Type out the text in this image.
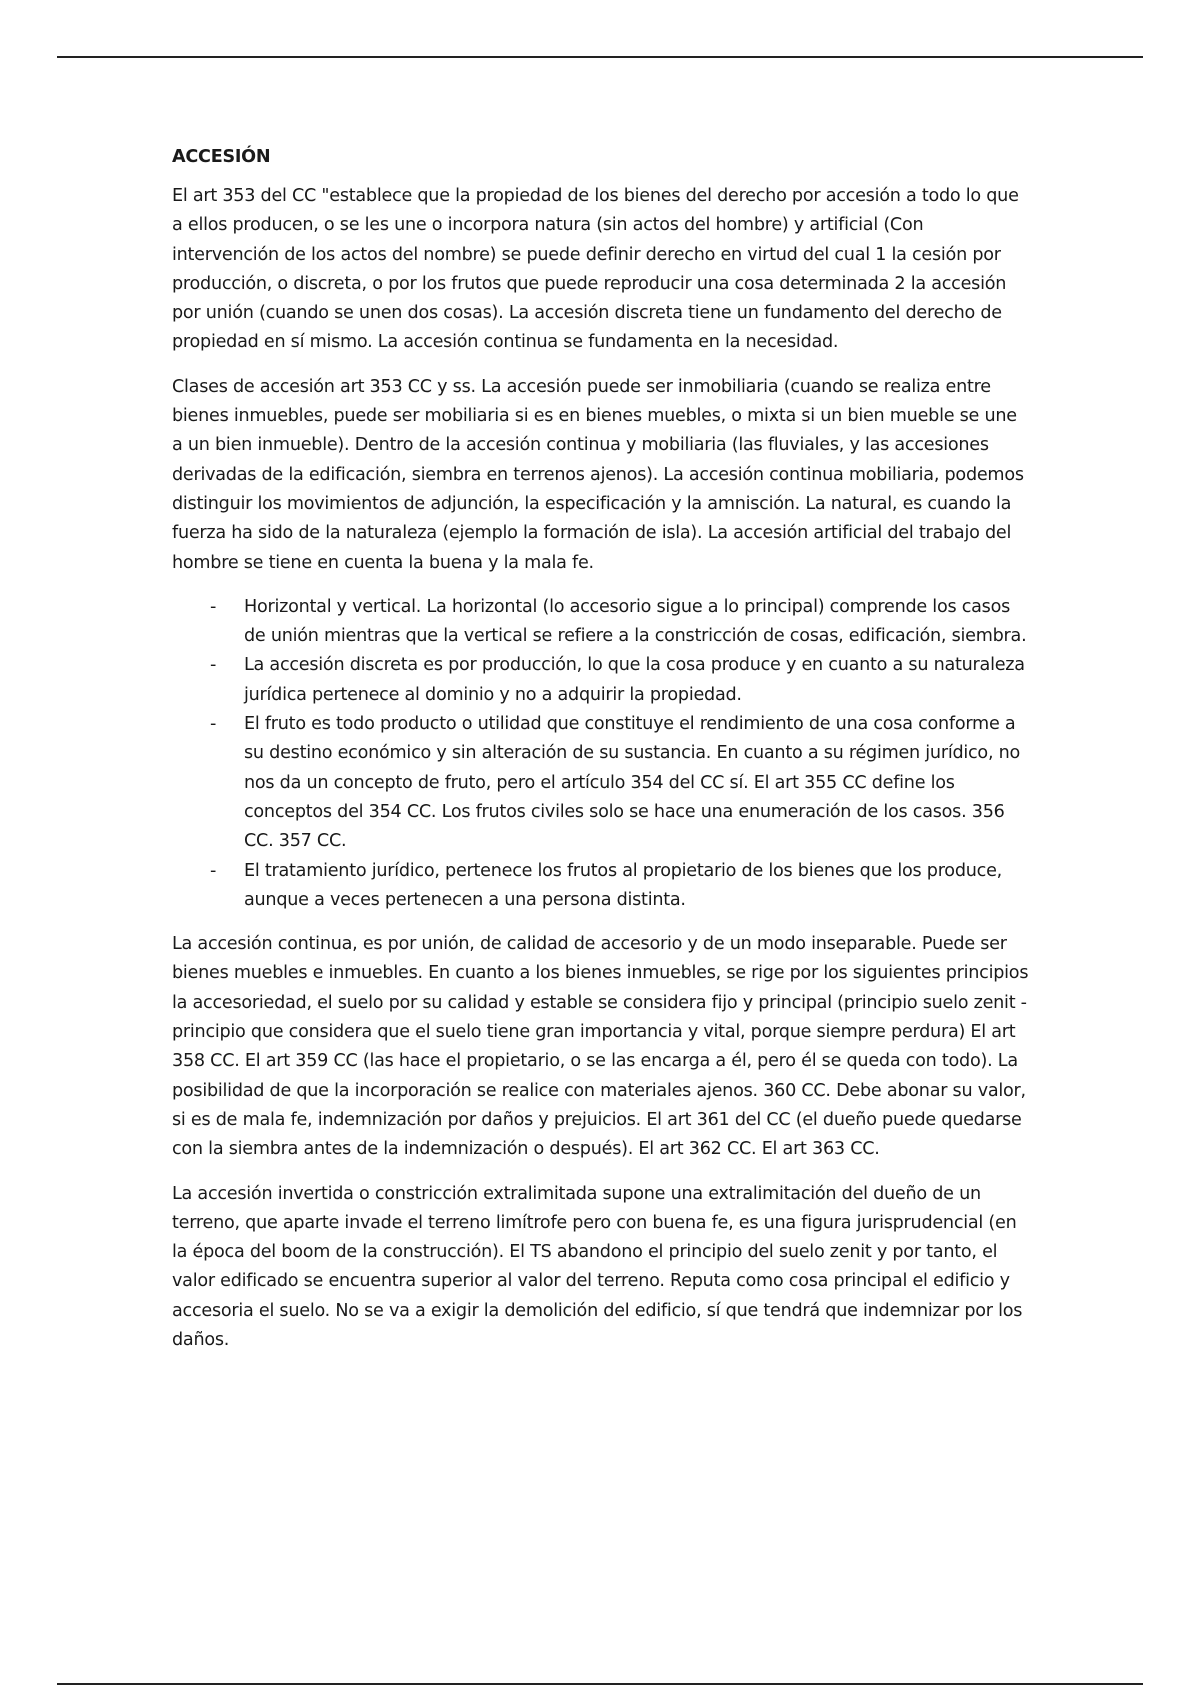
ACCESIÓN

El art 353 del CC "establece que la propiedad de los bienes del derecho por accesión a todo lo que a ellos producen, o se les une o incorpora natura (sin actos del hombre) y artificial (Con intervención de los actos del nombre) se puede definir derecho en virtud del cual 1 la cesión por producción, o discreta, o por los frutos que puede reproducir una cosa determinada 2 la accesión por unión (cuando se unen dos cosas). La accesión discreta tiene un fundamento del derecho de propiedad en sí mismo. La accesión continua se fundamenta en la necesidad.

Clases de accesión art 353 CC y ss. La accesión puede ser inmobiliaria (cuando se realiza entre bienes inmuebles, puede ser mobiliaria si es en bienes muebles, o mixta si un bien mueble se une a un bien inmueble). Dentro de la accesión continua y mobiliaria (las fluviales, y las accesiones derivadas de la edificación, siembra en terrenos ajenos). La accesión continua mobiliaria, podemos distinguir los movimientos de adjunción, la especificación y la amnisción. La natural, es cuando la fuerza ha sido de la naturaleza (ejemplo la formación de isla). La accesión artificial del trabajo del hombre se tiene en cuenta la buena y la mala fe.

- Horizontal y vertical. La horizontal (lo accesorio sigue a lo principal) comprende los casos de unión mientras que la vertical se refiere a la constricción de cosas, edificación, siembra.
- La accesión discreta es por producción, lo que la cosa produce y en cuanto a su naturaleza jurídica pertenece al dominio y no a adquirir la propiedad.
- El fruto es todo producto o utilidad que constituye el rendimiento de una cosa conforme a su destino económico y sin alteración de su sustancia. En cuanto a su régimen jurídico, no nos da un concepto de fruto, pero el artículo 354 del CC sí. El art 355 CC define los conceptos del 354 CC. Los frutos civiles solo se hace una enumeración de los casos. 356 CC. 357 CC.
- El tratamiento jurídico, pertenece los frutos al propietario de los bienes que los produce, aunque a veces pertenecen a una persona distinta.

La accesión continua, es por unión, de calidad de accesorio y de un modo inseparable. Puede ser bienes muebles e inmuebles. En cuanto a los bienes inmuebles, se rige por los siguientes principios la accesoriedad, el suelo por su calidad y estable se considera fijo y principal (principio suelo zenit - principio que considera que el suelo tiene gran importancia y vital, porque siempre perdura) El art 358 CC. El art 359 CC (las hace el propietario, o se las encarga a él, pero él se queda con todo). La posibilidad de que la incorporación se realice con materiales ajenos. 360 CC. Debe abonar su valor, si es de mala fe, indemnización por daños y prejuicios. El art 361 del CC (el dueño puede quedarse con la siembra antes de la indemnización o después). El art 362 CC. El art 363 CC.

La accesión invertida o constricción extralimitada supone una extralimitación del dueño de un terreno, que aparte invade el terreno limítrofe pero con buena fe, es una figura jurisprudencial (en la época del boom de la construcción). El TS abandono el principio del suelo zenit y por tanto, el valor edificado se encuentra superior al valor del terreno. Reputa como cosa principal el edificio y accesoria el suelo. No se va a exigir la demolición del edificio, sí que tendrá que indemnizar por los daños.
